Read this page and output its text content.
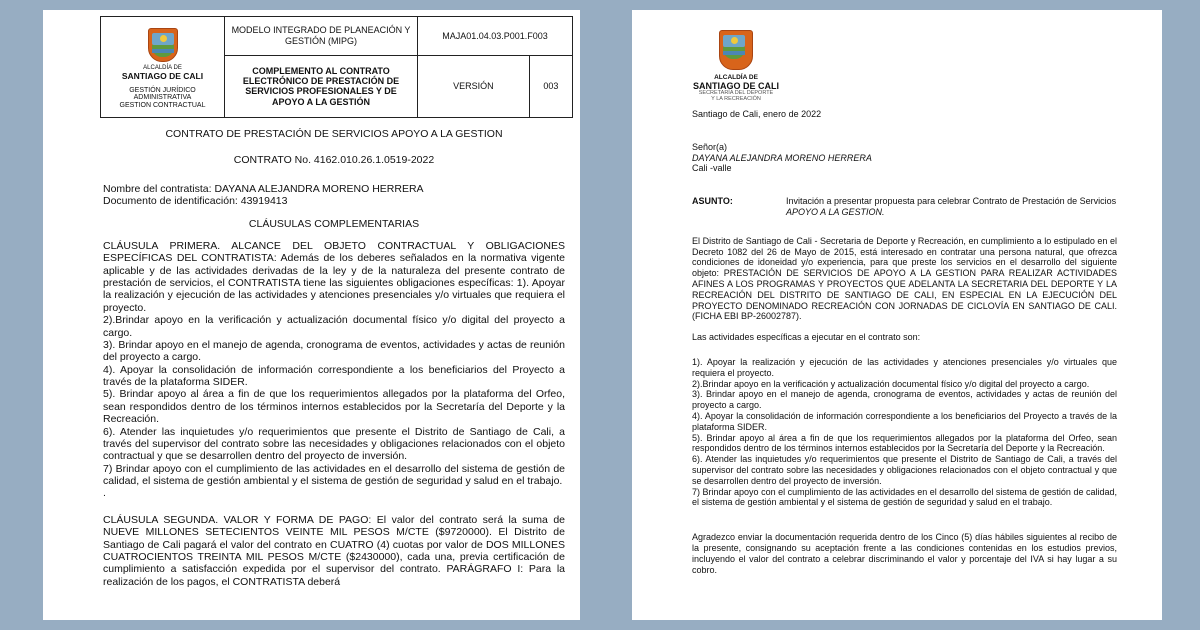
ALCALDÍA DE
SANTIAGO DE CALI
GESTIÓN JURÍDICO
ADMINISTRATIVA
GESTION CONTRACTUAL	MODELO INTEGRADO DE PLANEACIÓN Y GESTIÓN (MIPG)	MAJA01.04.03.P001.F003	
	COMPLEMENTO AL CONTRATO ELECTRÓNICO DE PRESTACIÓN DE SERVICIOS PROFESIONALES Y DE APOYO A LA GESTIÓN	VERSIÓN	003
CONTRATO DE PRESTACIÓN DE SERVICIOS APOYO A LA GESTION
CONTRATO No. 4162.010.26.1.0519-2022
Nombre del contratista: DAYANA ALEJANDRA MORENO HERRERA
Documento de identificación: 43919413
CLÁUSULAS COMPLEMENTARIAS
CLÁUSULA PRIMERA. ALCANCE DEL OBJETO CONTRACTUAL Y OBLIGACIONES ESPECÍFICAS DEL CONTRATISTA: Además de los deberes señalados en la normativa vigente aplicable y de las actividades derivadas de la ley y de la naturaleza del presente contrato de prestación de servicios, el CONTRATISTA tiene las siguientes obligaciones específicas: 1). Apoyar la realización y ejecución de las actividades y atenciones presenciales y/o virtuales que requiera el proyecto.
2).Brindar apoyo en la verificación y actualización documental físico y/o digital del proyecto a cargo.
3). Brindar apoyo en el manejo de agenda, cronograma de eventos, actividades y actas de reunión del proyecto a cargo.
4). Apoyar la consolidación de información correspondiente a los beneficiarios del Proyecto a través de la plataforma SIDER.
5). Brindar apoyo al área a fin de que los requerimientos allegados por la plataforma del Orfeo, sean respondidos dentro de los términos internos establecidos por la Secretaría del Deporte y la Recreación.
6). Atender las inquietudes y/o requerimientos que presente el Distrito de Santiago de Cali, a través del supervisor del contrato sobre las necesidades y obligaciones relacionados con el objeto contractual y que se desarrollen dentro del proyecto de inversión.
7) Brindar apoyo con el cumplimiento de las actividades en el desarrollo del sistema de gestión de calidad, el sistema de gestión ambiental y el sistema de gestión de seguridad y salud en el trabajo.
.
CLÁUSULA SEGUNDA. VALOR Y FORMA DE PAGO: El valor del contrato será la suma de NUEVE MILLONES SETECIENTOS VEINTE MIL PESOS M/CTE ($9720000). El Distrito de Santiago de Cali pagará el valor del contrato en CUATRO (4) cuotas por valor de DOS MILLONES CUATROCIENTOS TREINTA MIL PESOS M/CTE ($2430000), cada una, previa certificación de cumplimiento a satisfacción expedida por el supervisor del contrato. PARÁGRAFO I: Para la realización de los pagos, el CONTRATISTA deberá
ALCALDÍA DE
SANTIAGO DE CALI
SECRETARÍA DEL DEPORTE
Y LA RECREACIÓN
Santiago de Cali, enero de 2022
Señor(a)
DAYANA ALEJANDRA MORENO HERRERA
Cali -valle
ASUNTO:	Invitación a presentar propuesta para celebrar Contrato de Prestación de Servicios APOYO A LA GESTION.
El Distrito de Santiago de Cali - Secretaria de Deporte y Recreación, en cumplimiento a lo estipulado en el Decreto 1082 del 26 de Mayo de 2015, está interesado en contratar una persona natural, que ofrezca condiciones de idoneidad y/o experiencia, para que preste los servicios en el desarrollo del siguiente objeto: PRESTACIÓN DE SERVICIOS DE APOYO A LA GESTION PARA REALIZAR ACTIVIDADES AFINES A LOS PROGRAMAS Y PROYECTOS QUE ADELANTA LA SECRETARIA DEL DEPORTE Y LA RECREACIÓN DEL DISTRITO DE SANTIAGO DE CALI, EN ESPECIAL EN LA EJECUCIÓN DEL PROYECTO DENOMINADO RECREACIÓN CON JORNADAS DE CICLOVÍA EN SANTIAGO DE CALI. (FICHA EBI BP-26002787).
Las actividades específicas a ejecutar en el contrato son:
1). Apoyar la realización y ejecución de las actividades y atenciones presenciales y/o virtuales que requiera el proyecto.
2).Brindar apoyo en la verificación y actualización documental físico y/o digital del proyecto a cargo.
3). Brindar apoyo en el manejo de agenda, cronograma de eventos, actividades y actas de reunión del proyecto a cargo.
4). Apoyar la consolidación de información correspondiente a los beneficiarios del Proyecto a través de la plataforma SIDER.
5). Brindar apoyo al área a fin de que los requerimientos allegados por la plataforma del Orfeo, sean respondidos dentro de los términos internos establecidos por la Secretaría del Deporte y la Recreación.
6). Atender las inquietudes y/o requerimientos que presente el Distrito de Santiago de Cali, a través del supervisor del contrato sobre las necesidades y obligaciones relacionados con el objeto contractual y que se desarrollen dentro del proyecto de inversión.
7) Brindar apoyo con el cumplimiento de las actividades en el desarrollo del sistema de gestión de calidad, el sistema de gestión ambiental y el sistema de gestión de seguridad y salud en el trabajo.
Agradezco enviar la documentación requerida dentro de los Cinco (5) días hábiles siguientes al recibo de la presente, consignando su aceptación frente a las condiciones contenidas en los estudios previos, incluyendo el valor del contrato a celebrar discriminando el valor y porcentaje del IVA si hay lugar a su cobro.
